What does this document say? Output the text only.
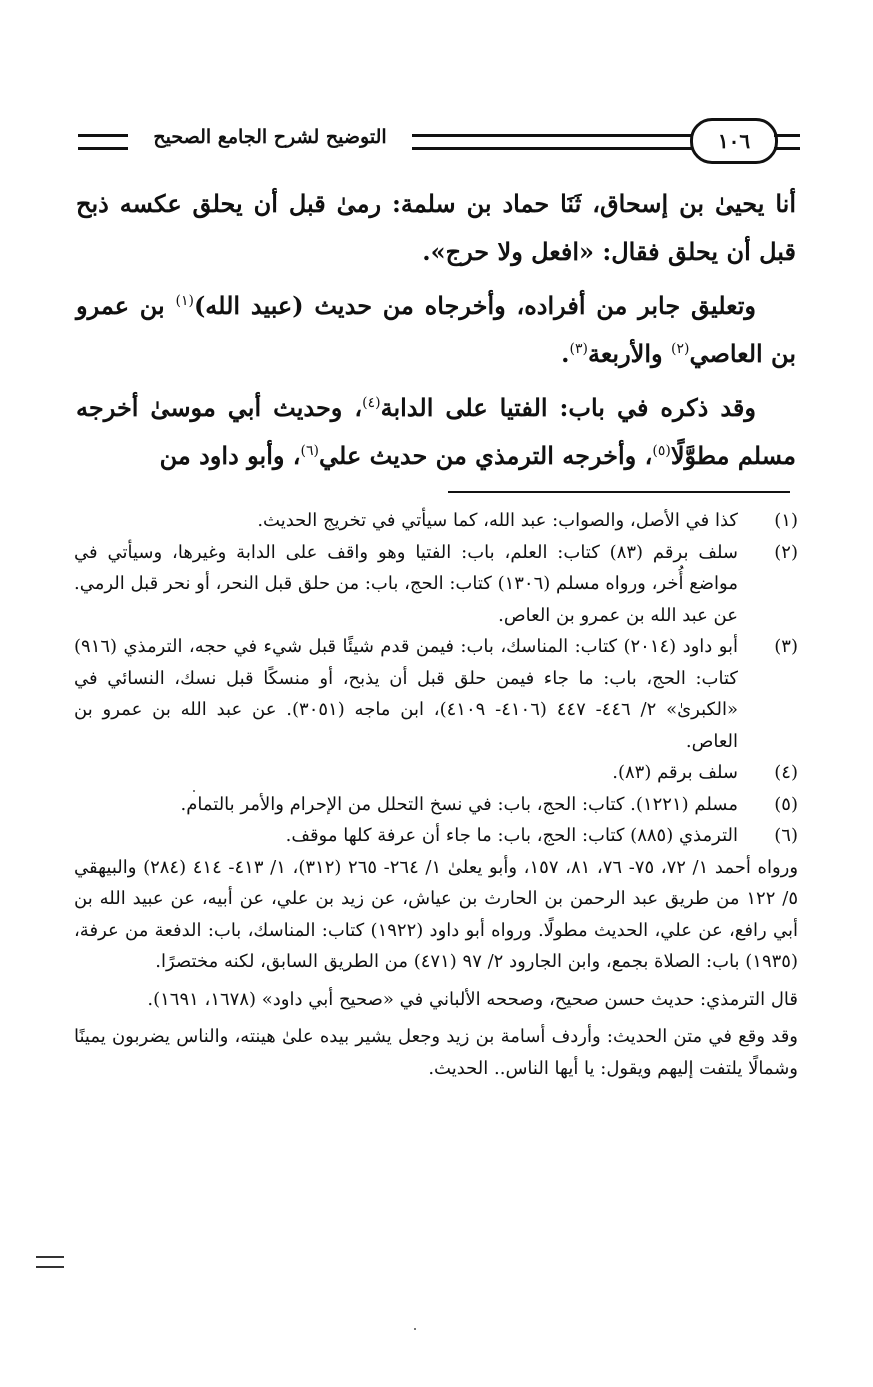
التوضيح لشرح الجامع الصحيح	١٠٦

أنا يحيىٰ بن إسحاق، ثَنَا حماد بن سلمة: رمىٰ قبل أن يحلق عكسه ذبح قبل أن يحلق فقال: «افعل ولا حرج».

وتعليق جابر من أفراده، وأخرجاه من حديث (عبيد الله)$^{(١)}$ بن عمرو بن العاصي$^{(٢)}$ والأربعة$^{(٣)}$.

وقد ذكره في باب: الفتيا على الدابة$^{(٤)}$، وحديث أبي موسىٰ أخرجه مسلم مطوَّلًا$^{(٥)}$، وأخرجه الترمذي من حديث علي$^{(٦)}$، وأبو داود من

(١)
كذا في الأصل، والصواب: عبد الله، كما سيأتي في تخريج الحديث.
(٢)
سلف برقم (٨٣) كتاب: العلم، باب: الفتيا وهو واقف على الدابة وغيرها، وسيأتي في مواضع أُخر، ورواه مسلم (١٣٠٦) كتاب: الحج، باب: من حلق قبل النحر، أو نحر قبل الرمي. عن عبد الله بن عمرو بن العاص.
(٣)
أبو داود (٢٠١٤) كتاب: المناسك، باب: فيمن قدم شيئًا قبل شيء في حجه، الترمذي (٩١٦) كتاب: الحج، باب: ما جاء فيمن حلق قبل أن يذبح، أو منسكًا قبل نسك، النسائي في «الكبرىٰ» ٢/ ٤٤٦- ٤٤٧ (٤١٠٦- ٤١٠٩)، ابن ماجه (٣٠٥١). عن عبد الله بن عمرو بن العاص.
(٤)
سلف برقم (٨٣).
(٥)
مسلم (١٢٢١). كتاب: الحج، باب: في نسخ التحلل من الإحرام والأمر بالتمام.
(٦)
الترمذي (٨٨٥) كتاب: الحج، باب: ما جاء أن عرفة كلها موقف.

ورواه أحمد ١/ ٧٢، ٧٥- ٧٦، ٨١، ١٥٧، وأبو يعلىٰ ١/ ٢٦٤- ٢٦٥ (٣١٢)، ١/ ٤١٣- ٤١٤ (٢٨٤) والبيهقي ٥/ ١٢٢ من طريق عبد الرحمن بن الحارث بن عياش، عن زيد بن علي، عن أبيه، عن عبيد الله بن أبي رافع، عن علي، الحديث مطولًا. ورواه أبو داود (١٩٢٢) كتاب: المناسك، باب: الدفعة من عرفة، (١٩٣٥) باب: الصلاة بجمع، وابن الجارود ٢/ ٩٧ (٤٧١) من الطريق السابق، لكنه مختصرًا.

قال الترمذي: حديث حسن صحيح، وصححه الألباني في «صحيح أبي داود» (١٦٧٨، ١٦٩١).

وقد وقع في متن الحديث: وأردف أسامة بن زيد وجعل يشير بيده علىٰ هينته، والناس يضربون يمينًا وشمالًا يلتفت إليهم ويقول: يا أيها الناس.. الحديث.
